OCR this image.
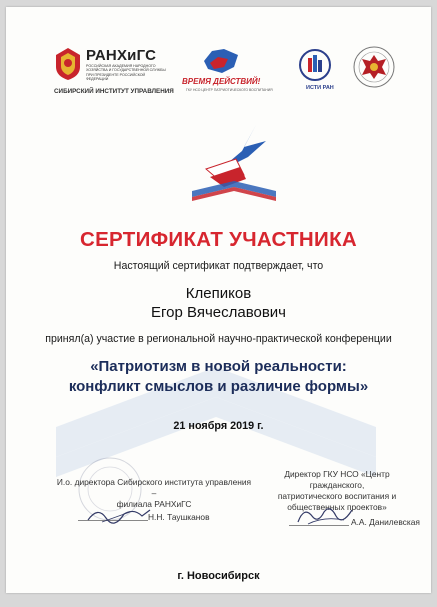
РАНХиГС
РОССИЙСКАЯ АКАДЕМИЯ НАРОДНОГО ХОЗЯЙСТВА И ГОСУДАРСТВЕННОЙ СЛУЖБЫ ПРИ ПРЕЗИДЕНТЕ РОССИЙСКОЙ ФЕДЕРАЦИИ
СИБИРСКИЙ ИНСТИТУТ УПРАВЛЕНИЯ
ВРЕМЯ ДЕЙСТВИЙ!
ГКУ НСО ЦЕНТР ПАТРИОТИЧЕСКОГО ВОСПИТАНИЯ	ИСТИ РАН
СЕРТИФИКАТ УЧАСТНИКА
Настоящий сертификат подтверждает, что
Клепиков
Егор Вячеславович
принял(а) участие в региональной научно-практической конференции
«Патриотизм в новой реальности:
конфликт смыслов и различие формы»
21 ноября 2019 г.
И.о. директора Сибирского института управления –
филиала РАНХиГС
Н.Н. Таушканов
Директор ГКУ НСО «Центр гражданского,
патриотического воспитания и
общественных проектов»
А.А. Данилевская
г. Новосибирск
